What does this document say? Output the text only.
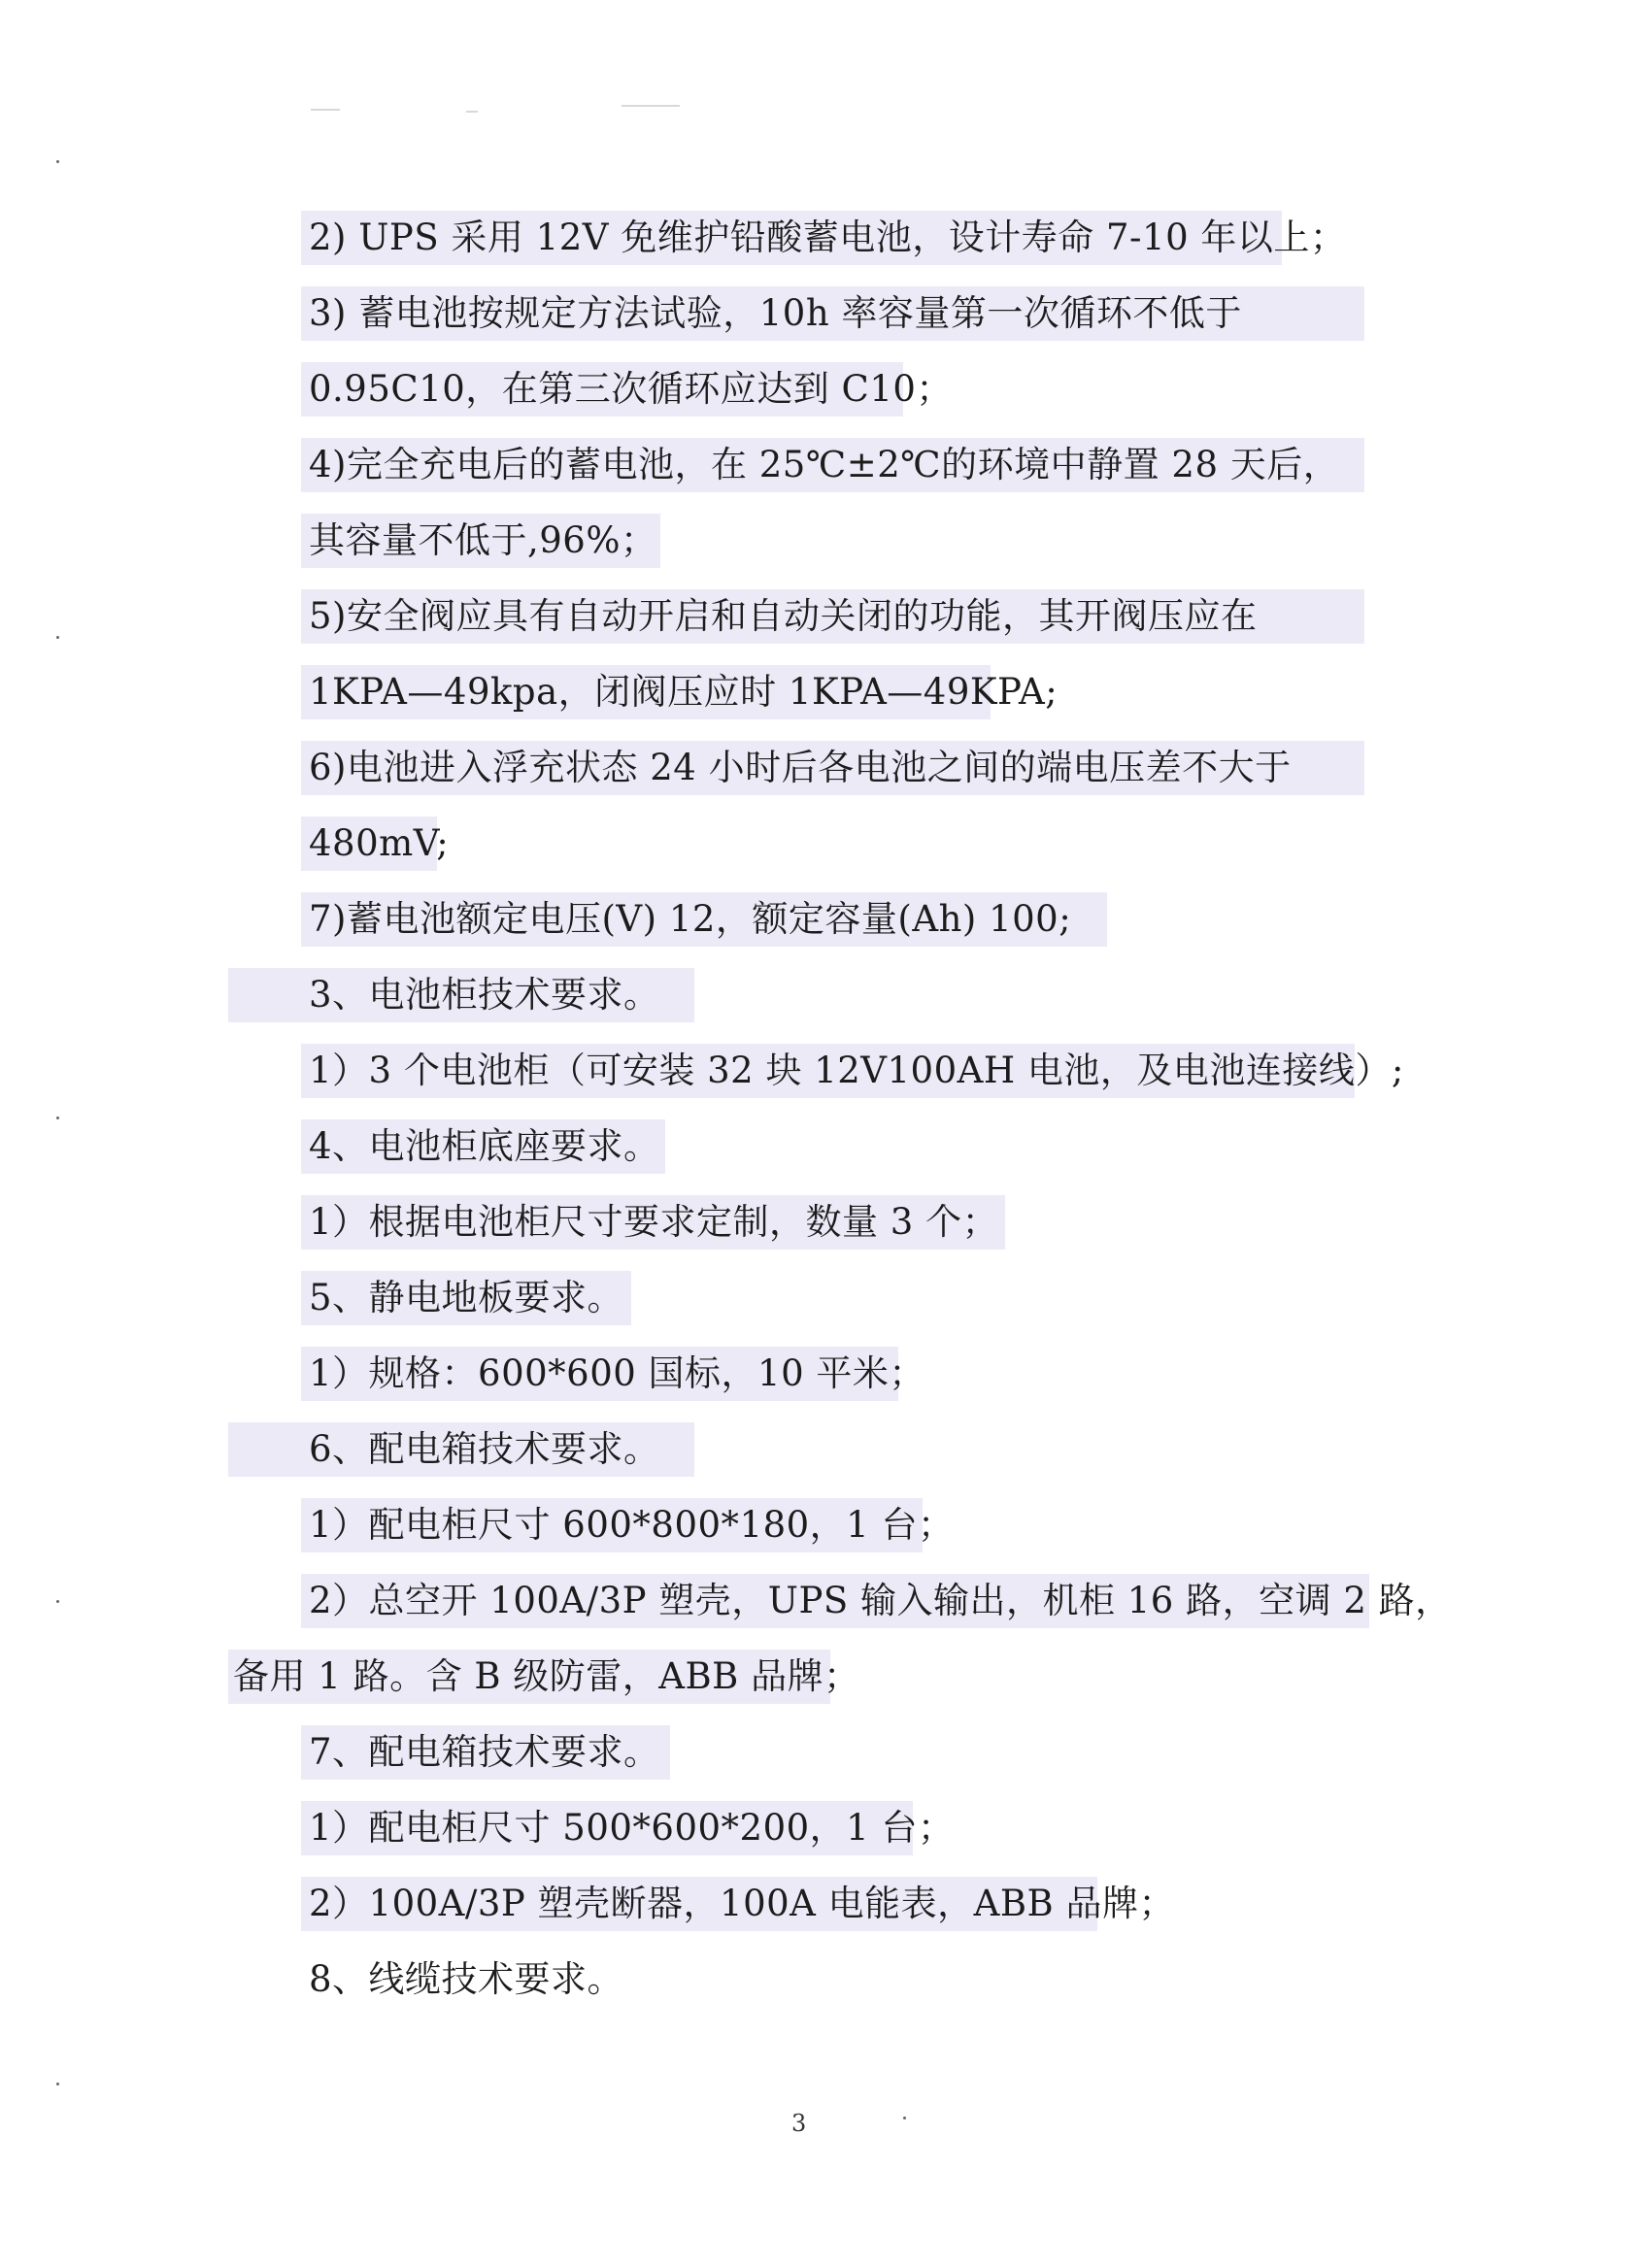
2) UPS 采用 12V 免维护铅酸蓄电池，设计寿命 7-10 年以上；
3) 蓄电池按规定方法试验，10h 率容量第一次循环不低于
0.95C10，在第三次循环应达到 C10；
4)完全充电后的蓄电池，在 25℃±2℃的环境中静置 28 天后，
其容量不低于,96%；
5)安全阀应具有自动开启和自动关闭的功能，其开阀压应在
1KPA—49kpa，闭阀压应时 1KPA—49KPA;
6)电池进入浮充状态 24 小时后各电池之间的端电压差不大于
480mV;
7)蓄电池额定电压(V) 12，额定容量(Ah) 100;
3、电池柜技术要求。
1）3 个电池柜（可安装 32 块 12V100AH 电池，及电池连接线）;
4、电池柜底座要求。
1）根据电池柜尺寸要求定制，数量 3 个；
5、静电地板要求。
1）规格：600*600 国标，10 平米；
6、配电箱技术要求。
1）配电柜尺寸 600*800*180，1 台；
2）总空开 100A/3P 塑壳，UPS 输入输出，机柜 16 路，空调 2 路，
备用 1 路。含 B 级防雷，ABB 品牌；
7、配电箱技术要求。
1）配电柜尺寸 500*600*200，1 台；
2）100A/3P 塑壳断器，100A 电能表，ABB 品牌；
8、线缆技术要求。
3
